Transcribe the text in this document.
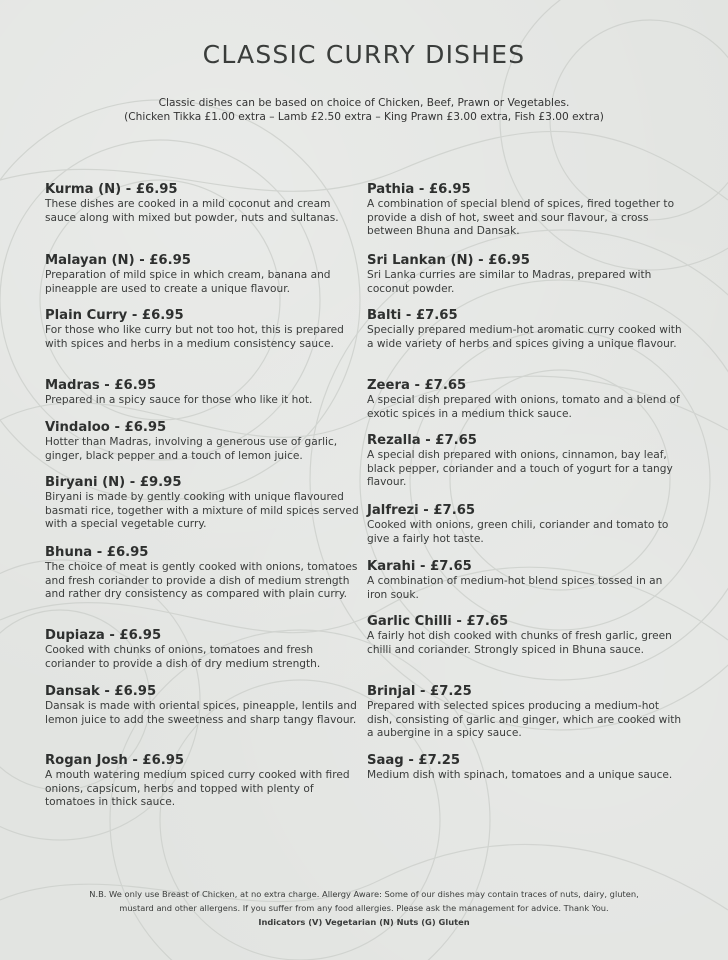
CLASSIC CURRY DISHES
Classic dishes can be based on choice of Chicken, Beef, Prawn or Vegetables.
(Chicken Tikka £1.00 extra – Lamb £2.50 extra – King Prawn £3.00 extra, Fish £3.00 extra)
Kurma (N) - £6.95
These dishes are cooked in a mild coconut and cream sauce along with mixed but powder, nuts and sultanas.
Malayan (N) - £6.95
Preparation of mild spice in which cream, banana and pineapple are used to create a unique flavour.
Plain Curry - £6.95
For those who like curry but not too hot, this is prepared with spices and herbs in a medium consistency sauce.
Madras - £6.95
Prepared in a spicy sauce for those who like it hot.
Vindaloo - £6.95
Hotter than Madras, involving a generous use of garlic, ginger, black pepper and a touch of lemon juice.
Biryani (N) - £9.95
Biryani is made by gently cooking with unique flavoured basmati rice, together with a mixture of mild spices served with a special vegetable curry.
Bhuna - £6.95
The choice of meat is gently cooked with onions, tomatoes and fresh coriander to provide a dish of medium strength and rather dry consistency as compared with plain curry.
Dupiaza - £6.95
Cooked with chunks of onions, tomatoes and fresh coriander to provide a dish of dry medium strength.
Dansak - £6.95
Dansak is made with oriental spices, pineapple, lentils and lemon juice to add the sweetness and sharp tangy flavour.
Rogan Josh - £6.95
A mouth watering medium spiced curry cooked with fired onions, capsicum, herbs and topped with plenty of tomatoes in thick sauce.
Pathia - £6.95
A combination of special blend of spices, fired together to provide a dish of hot, sweet and sour flavour, a cross between Bhuna and Dansak.
Sri Lankan (N) - £6.95
Sri Lanka curries are similar to Madras, prepared with coconut powder.
Balti - £7.65
Specially prepared medium-hot aromatic curry cooked with a wide variety of herbs and spices giving a unique flavour.
Zeera - £7.65
A special dish prepared with onions, tomato and a blend of exotic spices in a medium thick sauce.
Rezalla - £7.65
A special dish prepared with onions, cinnamon, bay leaf, black pepper, coriander and a touch of yogurt for a tangy flavour.
Jalfrezi - £7.65
Cooked with onions, green chili, coriander and tomato to give a fairly hot taste.
Karahi - £7.65
A combination of medium-hot blend spices tossed in an iron souk.
Garlic Chilli - £7.65
A fairly hot dish cooked with chunks of fresh garlic, green chilli and coriander. Strongly spiced in Bhuna sauce.
Brinjal - £7.25
Prepared with selected spices producing a medium-hot dish, consisting of garlic and ginger, which are cooked with a aubergine in a spicy sauce.
Saag - £7.25
Medium dish with spinach, tomatoes and a unique sauce.
N.B. We only use Breast of Chicken, at no extra charge. Allergy Aware: Some of our dishes may contain traces of nuts, dairy, gluten,
mustard and other allergens. If you suffer from any food allergies. Please ask the management for advice. Thank You.
Indicators (V) Vegetarian (N) Nuts (G) Gluten
